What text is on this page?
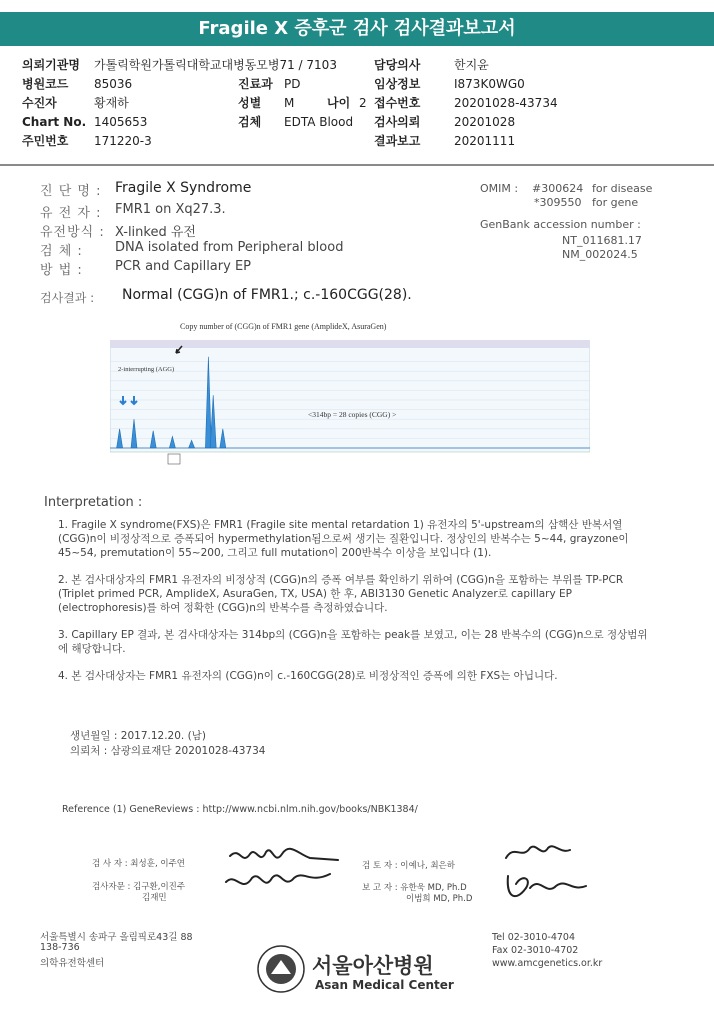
Fragile X 증후군 검사 검사결과보고서
의뢰기관명 가톨릭학원가톨릭대학교대병동모병71 / 7103	담당의사	한지윤
병원코드 85036	진료과 PD	임상정보	I873K0WG0
수진자	황재하	성별 M	나이 2 접수번호	20201028-43734
Chart No. 1405653	검체 EDTA Blood 검사의뢰	20201028
주민번호 171220-3	결과보고	20201111
진 단 명 : Fragile X Syndrome
유 전 자 : FMR1 on Xq27.3.
유전방식 : X-linked 유전
검 체 : DNA isolated from Peripheral blood
방 법 : PCR and Capillary EP
OMIM : #300624 for disease
*309550 for gene
GenBank accession number :
NT_011681.17
NM_002024.5
검사결과 : Normal (CGG)n of FMR1.; c.-160CGG(28).
Copy number of (CGG)n of FMR1 gene (AmplideX, AsuraGen)
2-interrupting (AGG)
<314bp = 28 copies (CGG) >
Interpretation :

1. Fragile X syndrome(FXS)은 FMR1 (Fragile site mental retardation 1) 유전자의 5'-upstream의 삼핵산 반복서열 (CGG)n이 비정상적으로 증폭되어 hypermethylation됨으로써 생기는 질환입니다. 정상인의 반복수는 5~44, grayzone이 45~54, premutation이 55~200, 그리고 full mutation이 200반복수 이상을 보입니다 (1).

2. 본 검사대상자의 FMR1 유전자의 비정상적 (CGG)n의 증폭 여부를 확인하기 위하여 (CGG)n을 포함하는 부위를 TP-PCR (Triplet primed PCR, AmplideX, AsuraGen, TX, USA) 한 후, ABI3130 Genetic Analyzer로 capillary EP (electrophoresis)를 하여 정확한 (CGG)n의 반복수를 측정하였습니다.

3. Capillary EP 결과, 본 검사대상자는 314bp의 (CGG)n을 포함하는 peak를 보였고, 이는 28 반복수의 (CGG)n으로 정상범위에 해당합니다.

4. 본 검사대상자는 FMR1 유전자의 (CGG)n이 c.-160CGG(28)로 비정상적인 증폭에 의한 FXS는 아닙니다.

생년월일 : 2017.12.20. (남)
의뢰처 : 삼광의료재단 20201028-43734
Reference (1) GeneReviews : http://www.ncbi.nlm.nih.gov/books/NBK1384/
검 사 자 : 최성훈, 이주연
검사자문 : 김구환,이진주
김재민
검 토 자 : 이예나, 최은하
보 고 자 : 유한욱 MD, Ph.D
이범희 MD, Ph.D
서울특별시 송파구 올림픽로43길 88
138-736
의학유전학센터	서울아산병원
Asan Medical Center
Tel 02-3010-4704
Fax 02-3010-4702
www.amcgenetics.or.kr
